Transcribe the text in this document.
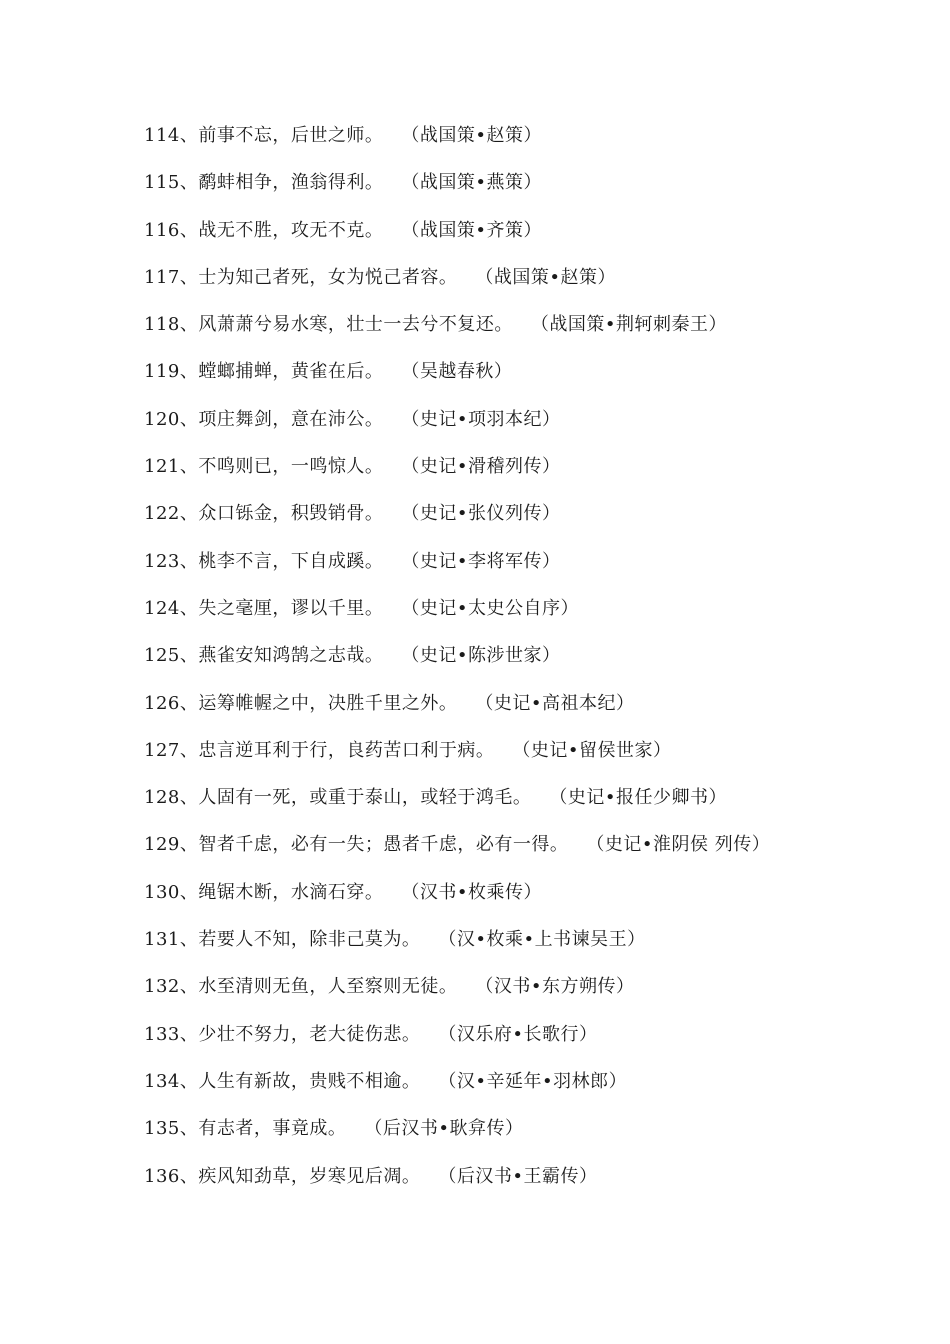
114、前事不忘，后世之师。 （战国策•赵策）
115、鹬蚌相争，渔翁得利。 （战国策•燕策）
116、战无不胜，攻无不克。 （战国策•齐策）
117、士为知己者死，女为悦己者容。 （战国策•赵策）
118、风萧萧兮易水寒，壮士一去兮不复还。 （战国策•荆轲刺秦王）
119、螳螂捕蝉，黄雀在后。 （吴越春秋）
120、项庄舞剑，意在沛公。 （史记•项羽本纪）
121、不鸣则已，一鸣惊人。 （史记•滑稽列传）
122、众口铄金，积毁销骨。 （史记•张仪列传）
123、桃李不言，下自成蹊。 （史记•李将军传）
124、失之毫厘，谬以千里。 （史记•太史公自序）
125、燕雀安知鸿鹄之志哉。 （史记•陈涉世家）
126、运筹帷幄之中，决胜千里之外。 （史记•高祖本纪）
127、忠言逆耳利于行，良药苦口利于病。 （史记•留侯世家）
128、人固有一死，或重于泰山，或轻于鸿毛。 （史记•报任少卿书）
129、智者千虑，必有一失；愚者千虑，必有一得。 （史记•淮阴侯 列传）
130、绳锯木断，水滴石穿。 （汉书•枚乘传）
131、若要人不知，除非己莫为。 （汉•枚乘•上书谏吴王）
132、水至清则无鱼，人至察则无徒。 （汉书•东方朔传）
133、少壮不努力，老大徒伤悲。 （汉乐府•长歌行）
134、人生有新故，贵贱不相逾。 （汉•辛延年•羽林郎）
135、有志者，事竟成。 （后汉书•耿弇传）
136、疾风知劲草，岁寒见后凋。 （后汉书•王霸传）
